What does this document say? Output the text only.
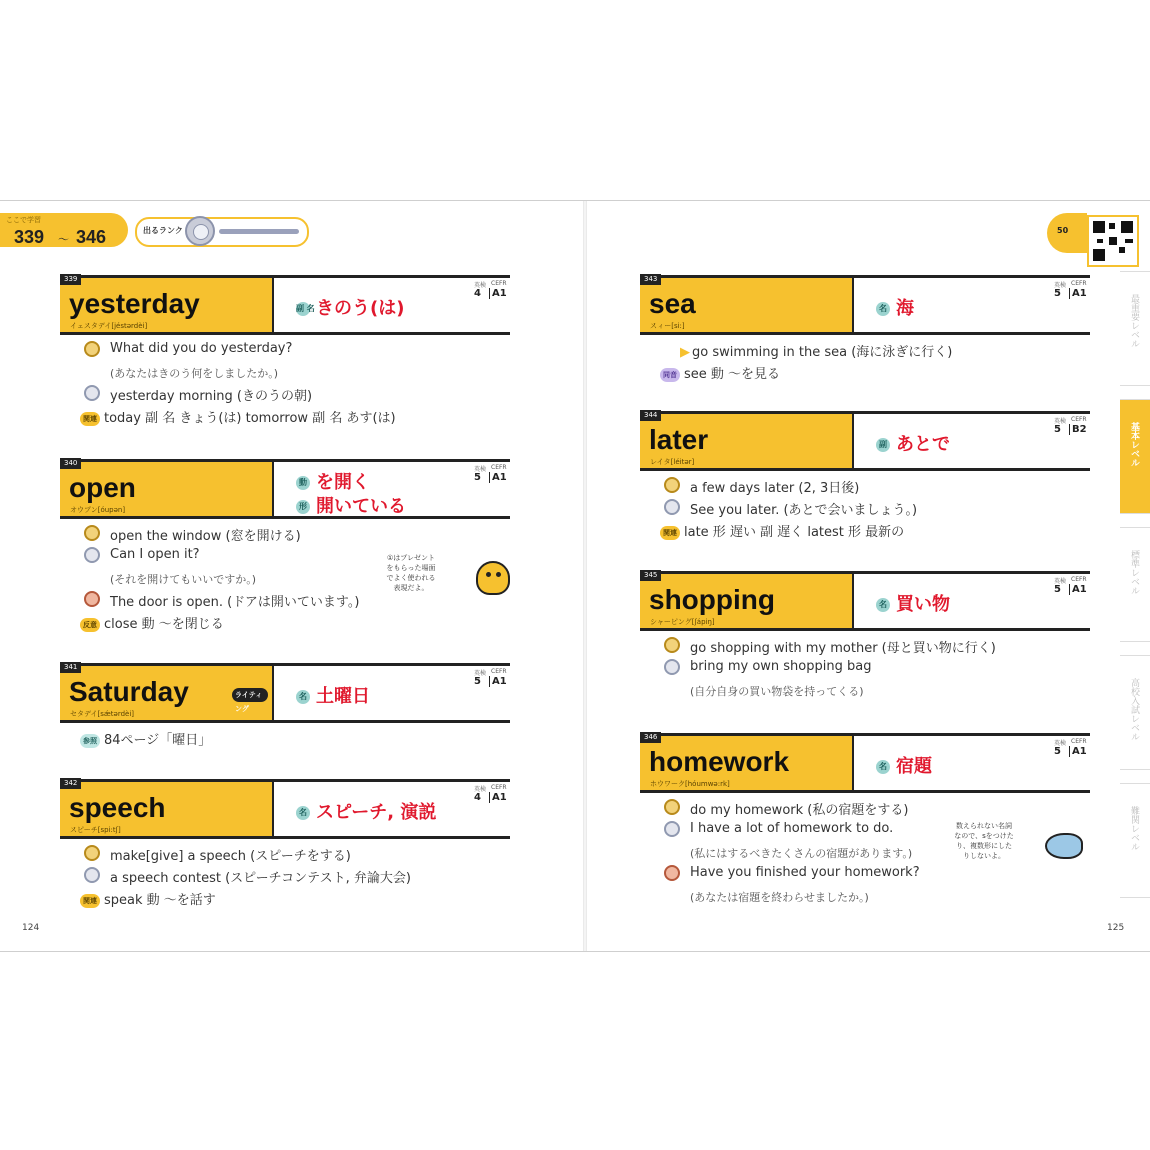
ここで学習
339 〜 346	出るランク
339
yesterday
イェスタデイ[jéstərdèi]
副 名きのう(は)
英検 CEFR
4	A1
What did you do yesterday?
(あなたはきのう何をしましたか。)
yesterday morning (きのうの朝)
関連 today 副 名 きょう(は) tomorrow 副 名 あす(は)
340
open
オウプン[óupən]
動 を開く
形 開いている
英検 CEFR
5	A1
open the window (窓を開ける)
Can I open it?
(それを開けてもいいですか。)
The door is open. (ドアは開いています。)
反意 close 動 〜を閉じる
341
Saturday
セタデイ[sǽtərdèi]
ライティング
名 土曜日
英検 CEFR
5	A1
参照 84ページ「曜日」
342
speech
スピーチ[spi:tʃ]
名 スピーチ, 演説
英検 CEFR
4	A1
make[give] a speech (スピーチをする)
a speech contest (スピーチコンテスト, 弁論大会)
関連 speak 動 〜を話す
①はプレゼントをもらった場面でよく使われる表現だよ。
124
50
343
sea
スィー[si:]
名 海
英検 CEFR
5	A1
▶ go swimming in the sea (海に泳ぎに行く)
同音 see 動 〜を見る
344
later
レイタ[léitər]
副 あとで
英検 CEFR
5	B2
a few days later (2, 3日後)
See you later. (あとで会いましょう。)
関連 late 形 遅い 副 遅く latest 形 最新の
345
shopping
シャーピング[ʃápiŋ]
名 買い物
英検 CEFR
5	A1
go shopping with my mother (母と買い物に行く)
bring my own shopping bag
(自分自身の買い物袋を持ってくる)
346
homework
ホウワーク[hóumwə:rk]
名 宿題
英検 CEFR
5	A1
do my homework (私の宿題をする)
I have a lot of homework to do.
(私にはするべきたくさんの宿題があります。)
Have you finished your homework?
(あなたは宿題を終わらせましたか。)
数えられない名詞なので、sをつけたり、複数形にしたりしないよ。
最重要レベル
基本レベル
標準レベル
高校入試レベル
難関レベル
125
